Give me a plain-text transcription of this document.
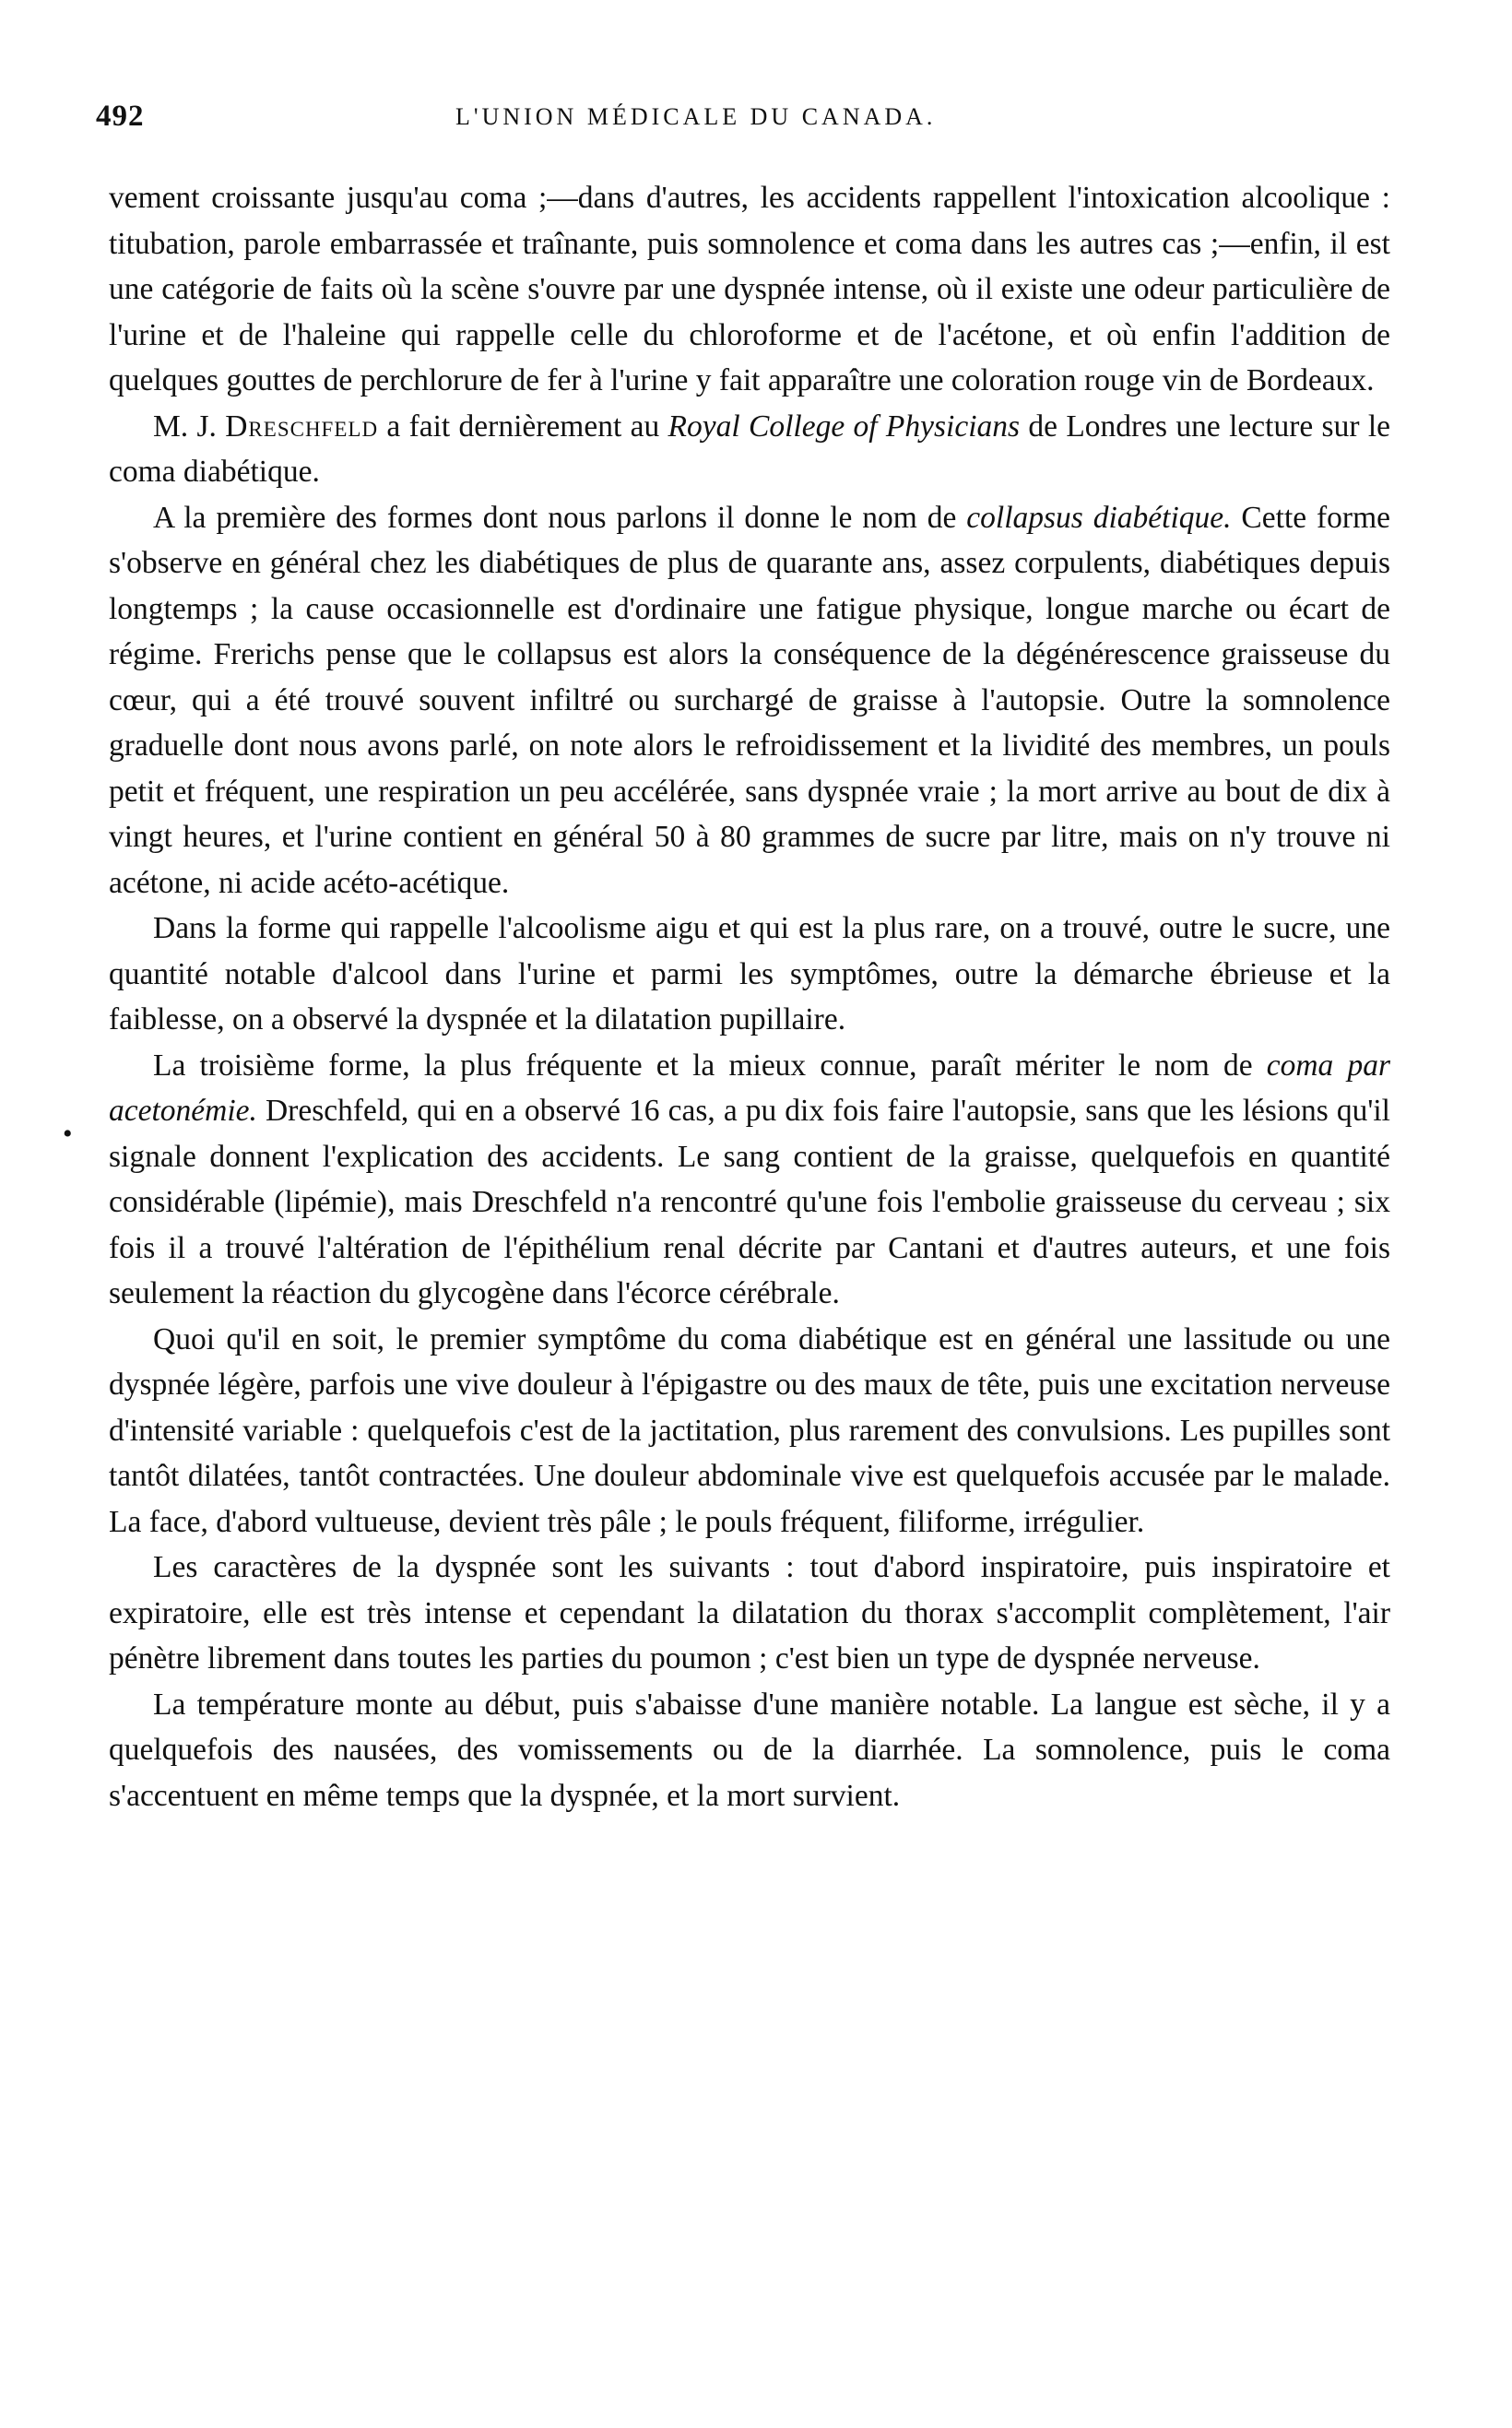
492	L'UNION MÉDICALE DU CANADA.
•

vement croissante jusqu'au coma ;—dans d'autres, les accidents rappellent l'intoxication alcoolique : titubation, parole embarrassée et traînante, puis somnolence et coma dans les autres cas ;—enfin, il est une catégorie de faits où la scène s'ouvre par une dyspnée intense, où il existe une odeur particulière de l'urine et de l'haleine qui rappelle celle du chloroforme et de l'acétone, et où enfin l'addition de quelques gouttes de perchlorure de fer à l'urine y fait apparaître une coloration rouge vin de Bordeaux.

M. J. Dreschfeld a fait dernièrement au Royal College of Physicians de Londres une lecture sur le coma diabétique.

A la première des formes dont nous parlons il donne le nom de collapsus diabétique. Cette forme s'observe en général chez les diabétiques de plus de quarante ans, assez corpulents, diabétiques depuis longtemps ; la cause occasionnelle est d'ordinaire une fatigue physique, longue marche ou écart de régime. Frerichs pense que le collapsus est alors la conséquence de la dégénérescence graisseuse du cœur, qui a été trouvé souvent infiltré ou surchargé de graisse à l'autopsie. Outre la somnolence graduelle dont nous avons parlé, on note alors le refroidissement et la lividité des membres, un pouls petit et fréquent, une respiration un peu accélérée, sans dyspnée vraie ; la mort arrive au bout de dix à vingt heures, et l'urine contient en général 50 à 80 grammes de sucre par litre, mais on n'y trouve ni acétone, ni acide acéto-acétique.

Dans la forme qui rappelle l'alcoolisme aigu et qui est la plus rare, on a trouvé, outre le sucre, une quantité notable d'alcool dans l'urine et parmi les symptômes, outre la démarche ébrieuse et la faiblesse, on a observé la dyspnée et la dilatation pupillaire.

La troisième forme, la plus fréquente et la mieux connue, paraît mériter le nom de coma par acetonémie. Dreschfeld, qui en a observé 16 cas, a pu dix fois faire l'autopsie, sans que les lésions qu'il signale donnent l'explication des accidents. Le sang contient de la graisse, quelquefois en quantité considérable (lipémie), mais Dreschfeld n'a rencontré qu'une fois l'embolie graisseuse du cerveau ; six fois il a trouvé l'altération de l'épithélium renal décrite par Cantani et d'autres auteurs, et une fois seulement la réaction du glycogène dans l'écorce cérébrale.

Quoi qu'il en soit, le premier symptôme du coma diabétique est en général une lassitude ou une dyspnée légère, parfois une vive douleur à l'épigastre ou des maux de tête, puis une excitation nerveuse d'intensité variable : quelquefois c'est de la jactitation, plus rarement des convulsions. Les pupilles sont tantôt dilatées, tantôt contractées. Une douleur abdominale vive est quelquefois accusée par le malade. La face, d'abord vultueuse, devient très pâle ; le pouls fréquent, filiforme, irrégulier.

Les caractères de la dyspnée sont les suivants : tout d'abord inspiratoire, puis inspiratoire et expiratoire, elle est très intense et cependant la dilatation du thorax s'accomplit complètement, l'air pénètre librement dans toutes les parties du poumon ; c'est bien un type de dyspnée nerveuse.

La température monte au début, puis s'abaisse d'une manière notable. La langue est sèche, il y a quelquefois des nausées, des vomissements ou de la diarrhée. La somnolence, puis le coma s'accentuent en même temps que la dyspnée, et la mort survient.
